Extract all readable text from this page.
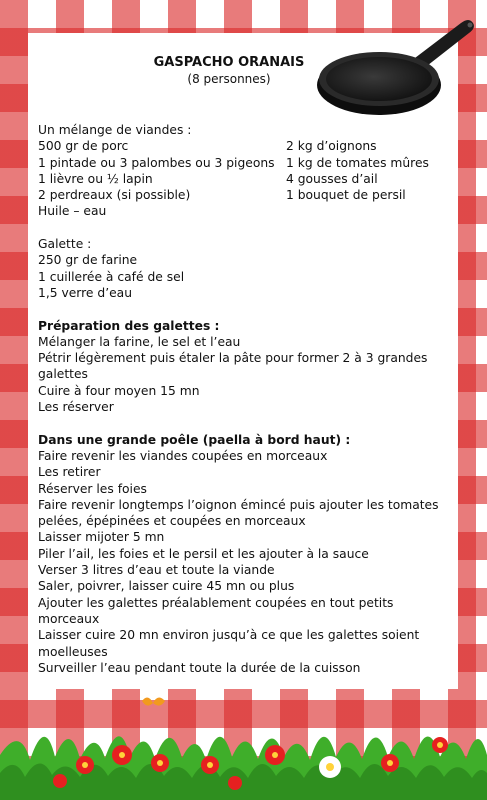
GASPACHO ORANAIS
(8 personnes)
Un mélange de viandes :
500 gr de porc
1 pintade ou 3 palombes ou 3 pigeons
1 lièvre ou ½ lapin
2 perdreaux (si possible)
Huile – eau
2 kg d’oignons
1 kg de tomates mûres
4 gousses d’ail
1 bouquet de persil
Galette :
250 gr de farine
1 cuillerée à café de sel
1,5 verre d’eau
Préparation des galettes :
Mélanger la farine, le sel et l’eau
Pétrir légèrement puis étaler la pâte pour former 2 à 3 grandes galettes
Cuire à four moyen 15 mn
Les réserver
Dans une grande poêle (paella à bord haut) :
Faire revenir les viandes coupées en morceaux
Les retirer
Réserver les foies
Faire revenir longtemps l’oignon émincé puis ajouter les tomates pelées, épépinées et coupées en morceaux
Laisser mijoter 5 mn
Piler l’ail, les foies et le persil et les ajouter à la sauce
Verser 3 litres d’eau et toute la viande
Saler, poivrer, laisser cuire 45 mn ou plus
Ajouter les galettes préalablement coupées en tout petits morceaux
Laisser cuire 20 mn environ jusqu’à ce que les galettes soient moelleuses
Surveiller l’eau pendant toute la durée de la cuisson
